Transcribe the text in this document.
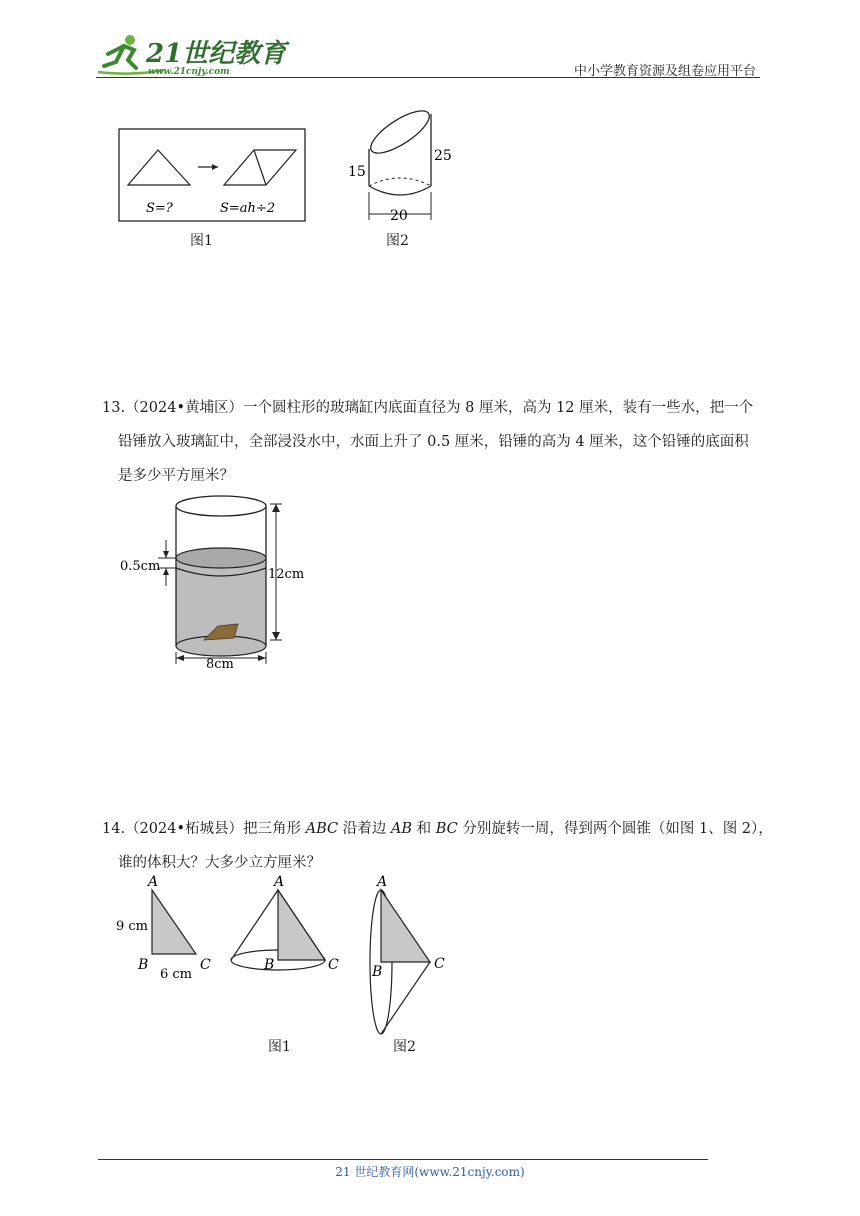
21世纪教育
www.21cnjy.com	中小学教育资源及组卷应用平台
S=?	S=ah÷2
图1
15
25
20
图2
13.（2024•黄埔区）一个圆柱形的玻璃缸内底面直径为 8 厘米，高为 12 厘米，装有一些水，把一个
铅锤放入玻璃缸中，全部浸没水中，水面上升了 0.5 厘米，铅锤的高为 4 厘米，这个铅锤的底面积
是多少平方厘米？
12cm
0.5cm
8cm
14.（2024•柘城县）把三角形 ABC 沿着边 AB 和 BC 分别旋转一周，得到两个圆锥（如图 1、图 2），
谁的体积大？大多少立方厘米？
A
B	C
9 cm
6 cm
A
B	C
A
B	C
图1	图2
21 世纪教育网(www.21cnjy.com)
